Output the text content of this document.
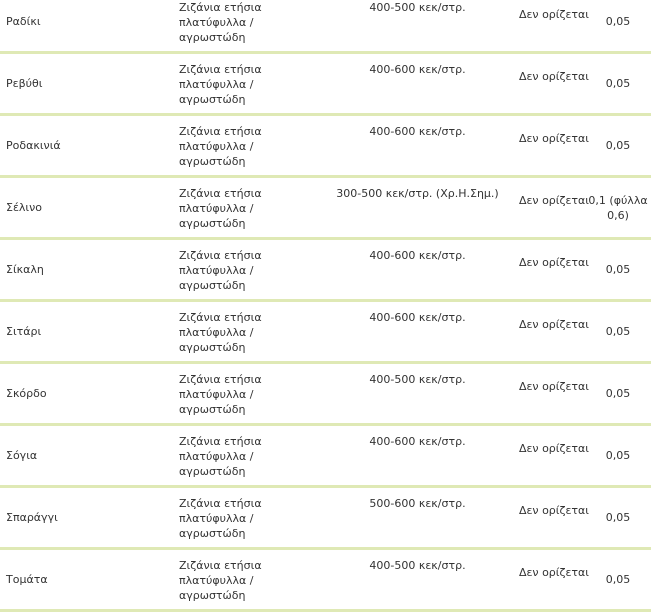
Ραδίκι
Ζιζάνια ετήσια πλατύφυλλα / αγρωστώδη
400-500 κεκ/στρ.
Δεν ορίζεται
0,05
Ρεβύθι
Ζιζάνια ετήσια πλατύφυλλα / αγρωστώδη
400-600 κεκ/στρ.
Δεν ορίζεται
0,05
Ροδακινιά
Ζιζάνια ετήσια πλατύφυλλα / αγρωστώδη
400-600 κεκ/στρ.
Δεν ορίζεται
0,05
Σέλινο
Ζιζάνια ετήσια πλατύφυλλα / αγρωστώδη
300-500 κεκ/στρ. (Χρ.Η.Σημ.)
Δεν ορίζεται 0,1 (φύλλα 0,6)
Σίκαλη
Ζιζάνια ετήσια πλατύφυλλα / αγρωστώδη
400-600 κεκ/στρ.
Δεν ορίζεται
0,05
Σιτάρι
Ζιζάνια ετήσια πλατύφυλλα / αγρωστώδη
400-600 κεκ/στρ.
Δεν ορίζεται
0,05
Σκόρδο
Ζιζάνια ετήσια πλατύφυλλα / αγρωστώδη
400-500 κεκ/στρ.
Δεν ορίζεται
0,05
Σόγια
Ζιζάνια ετήσια πλατύφυλλα / αγρωστώδη
400-600 κεκ/στρ.
Δεν ορίζεται
0,05
Σπαράγγι
Ζιζάνια ετήσια πλατύφυλλα / αγρωστώδη
500-600 κεκ/στρ.
Δεν ορίζεται
0,05
Τομάτα
Ζιζάνια ετήσια πλατύφυλλα / αγρωστώδη
400-500 κεκ/στρ.
Δεν ορίζεται
0,05
